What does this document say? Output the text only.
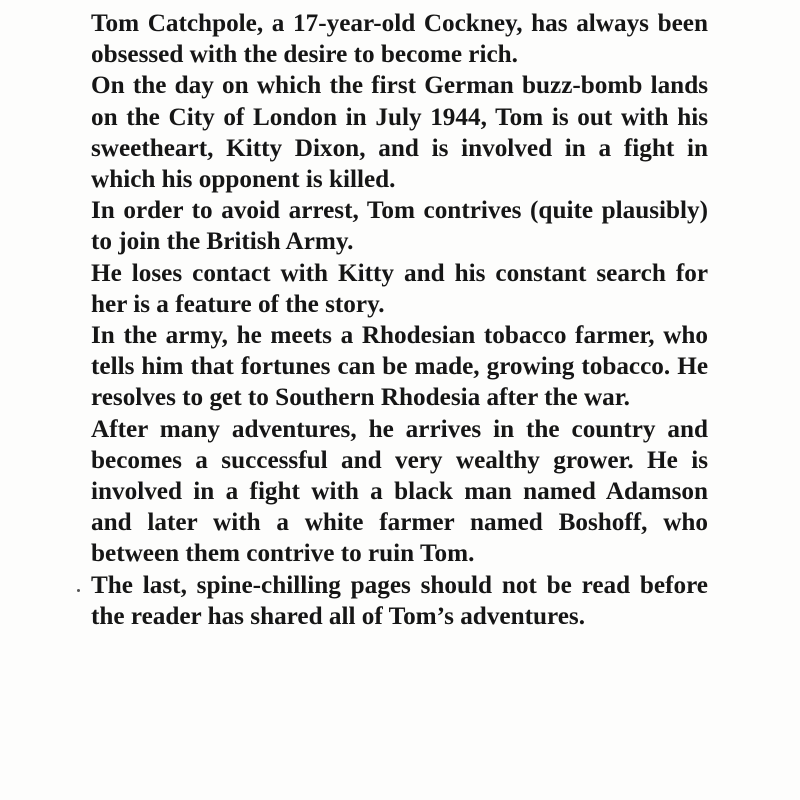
Tom Catchpole, a 17-year-old Cockney, has always been obsessed with the desire to become rich.

On the day on which the first German buzz-bomb lands on the City of London in July 1944, Tom is out with his sweetheart, Kitty Dixon, and is involved in a fight in which his opponent is killed.

In order to avoid arrest, Tom contrives (quite plausibly) to join the British Army.

He loses contact with Kitty and his constant search for her is a feature of the story.

In the army, he meets a Rhodesian tobacco farmer, who tells him that fortunes can be made, growing tobacco. He resolves to get to Southern Rhodesia after the war.

After many adventures, he arrives in the country and becomes a successful and very wealthy grower. He is involved in a fight with a black man named Adamson and later with a white farmer named Boshoff, who between them contrive to ruin Tom.

The last, spine-chilling pages should not be read before the reader has shared all of Tom’s adventures.
